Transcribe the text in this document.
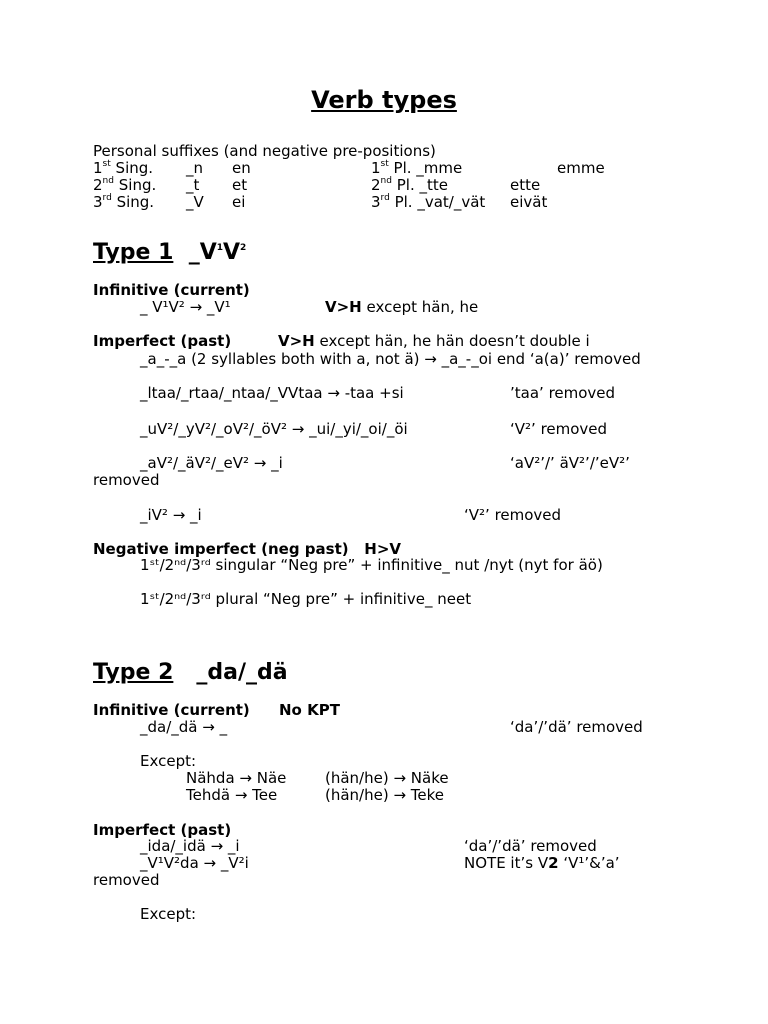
Verb types
Personal suffixes (and negative pre-positions)
1st Sing. _n en	1st Pl. _mme	emme
2nd Sing. _t et	2nd Pl. _tte	ette
3rd Sing. _V ei	3rd Pl. _vat/_vät eivät
Type 1 $\_V^1V^2$
Infinitive (current)
_ V¹V² → _V¹	V>H except hän, he
Imperfect (past)	V>H except hän, he hän doesn’t double i
_a_-_a (2 syllables both with a, not ä) → _a_-_oi end ‘a(a)’ removed
_ltaa/_rtaa/_ntaa/_VVtaa → -taa +si	’taa’ removed
_uV²/_yV²/_oV²/_öV² → _ui/_yi/_oi/_öi	‘V²’ removed
_aV²/_äV²/_eV² → _i	‘aV²’/’ äV²’/’eV²’
removed
_iV² → _i	‘V²’ removed
Negative imperfect (neg past) H>V
1ˢᵗ/2ⁿᵈ/3ʳᵈ singular “Neg pre” + infinitive_ nut /nyt (nyt for äö)
1ˢᵗ/2ⁿᵈ/3ʳᵈ plural “Neg pre” + infinitive_ neet
Type 2 _da/_dä
Infinitive (current) No KPT
_da/_dä → _	‘da’/’dä’ removed
Except:
Nähda → Näe	(hän/he) → Näke
Tehdä → Tee	(hän/he) → Teke
Imperfect (past)
_ida/_idä → _i	‘da’/’dä’ removed
_V¹V²da → _V²i	NOTE it’s V2 ‘V¹’&’a’
removed
Except:
